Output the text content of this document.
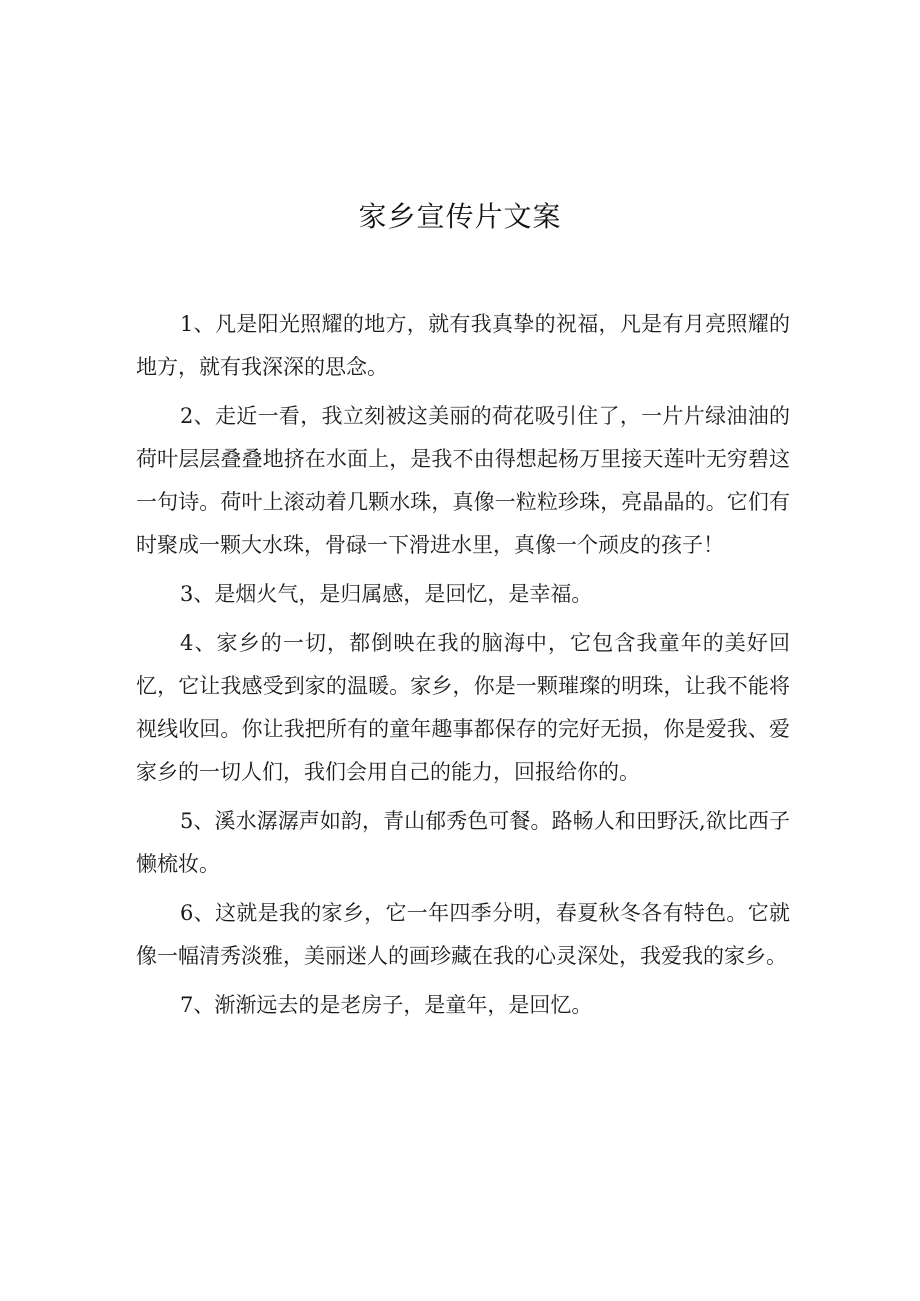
家乡宣传片文案

1、凡是阳光照耀的地方，就有我真挚的祝福，凡是有月亮照耀的地方，就有我深深的思念。

2、走近一看，我立刻被这美丽的荷花吸引住了，一片片绿油油的荷叶层层叠叠地挤在水面上，是我不由得想起杨万里接天莲叶无穷碧这一句诗。荷叶上滚动着几颗水珠，真像一粒粒珍珠，亮晶晶的。它们有时聚成一颗大水珠，骨碌一下滑进水里，真像一个顽皮的孩子！

3、是烟火气，是归属感，是回忆，是幸福。

4、家乡的一切，都倒映在我的脑海中，它包含我童年的美好回忆，它让我感受到家的温暖。家乡，你是一颗璀璨的明珠，让我不能将视线收回。你让我把所有的童年趣事都保存的完好无损，你是爱我、爱家乡的一切人们，我们会用自己的能力，回报给你的。

5、溪水潺潺声如韵，青山郁秀色可餐。路畅人和田野沃,欲比西子懒梳妆。

6、这就是我的家乡，它一年四季分明，春夏秋冬各有特色。它就像一幅清秀淡雅，美丽迷人的画珍藏在我的心灵深处，我爱我的家乡。

7、渐渐远去的是老房子，是童年，是回忆。
